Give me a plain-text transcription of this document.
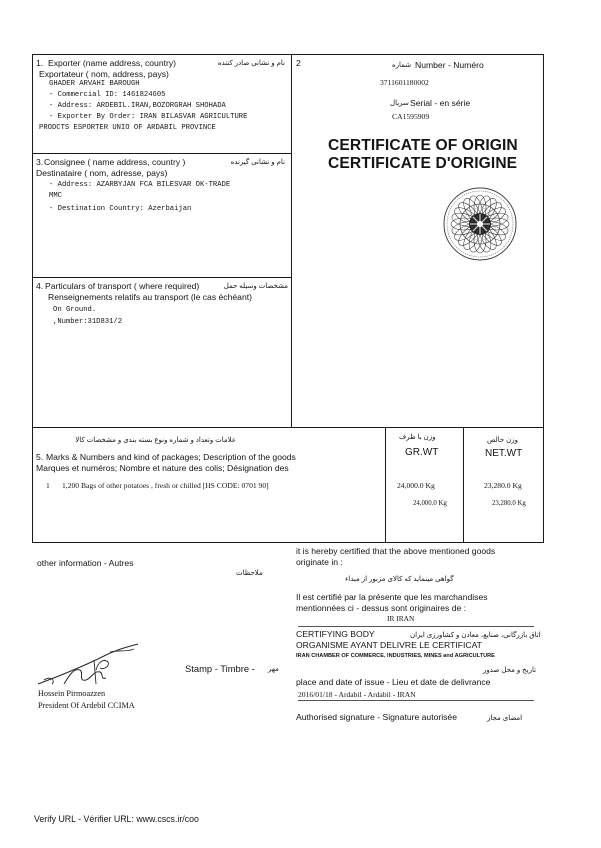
1. Exporter (name address, country)	نام و نشانی صادر کننده
Exportateur ( nom, address, pays)
GHADER ARVAHI BAROUGH
- Commercial ID: 1461824605
- Address: ARDEBIL.IRAN,BOZORGRAH SHOHADA
- Exporter By Order: IRAN BILASVAR AGRICULTURE
PRODCTS ESPORTER UNIO OF ARDABIL PROVINCE
2	شماره Number - Numéro
3711601180002
سریال Serial - en série
CA1595909
CERTIFICATE OF ORIGIN
CERTIFICATE D'ORIGINE
3. Consignee ( name address, country )	نام و نشانی گیرنده
Destinataire ( nom, adresse, pays)
- Address: AZARBYJAN FCA BILESVAR OK-TRADE
MMC
- Destination Country: Azerbaijan
4. Particulars of transport ( where required)	مشخصات وسیله حمل
Renseignements relatifs au transport (le cas échéant)
On Ground.
,Number:31D831/2
علامات وتعداد و شماره ونوع بسته بندی و مشخصات کالا
5. Marks & Numbers and kind of packages; Description of the goods
Marques et numéros; Nombre et nature des colis; Désignation des
1 1,200 Bags of other potatoes , fresh or chilled [HS CODE: 0701 90]
وزن با ظرف
GR.WT
24,000.0 Kg
24,000.0 Kg
وزن خالص
NET.WT
23,280.0 Kg
23,280.0 Kg
other information - Autres
ملاحظات
Stamp - Timbre - مهر
Hossein Pirmoazzen
President Of Ardebil CCIMA
it is hereby certified that the above mentioned goods
originate in :
گواهی مینماید که کالای مزبور از مبداء
Il est certifié par la présente que les marchandises
mentionnées ci - dessus sont originaires de :
IR IRAN
CERTIFYING BODY	اتاق بازرگانی، صنایع، معادن و کشاورزی ایران
ORGANISME AYANT DELIVRE LE CERTIFICAT
IRAN CHAMBER OF COMMERCE, INDUSTRIES, MINES and AGRICULTURE
تاریخ و محل صدور
place and date of issue - Lieu et date de delivrance
2016/01/18 - Ardabil - Ardabil - IRAN
Authorised signature - Signature autorisée	امضای مجاز
Verify URL - Vérifier URL: www.cscs.ir/coo
